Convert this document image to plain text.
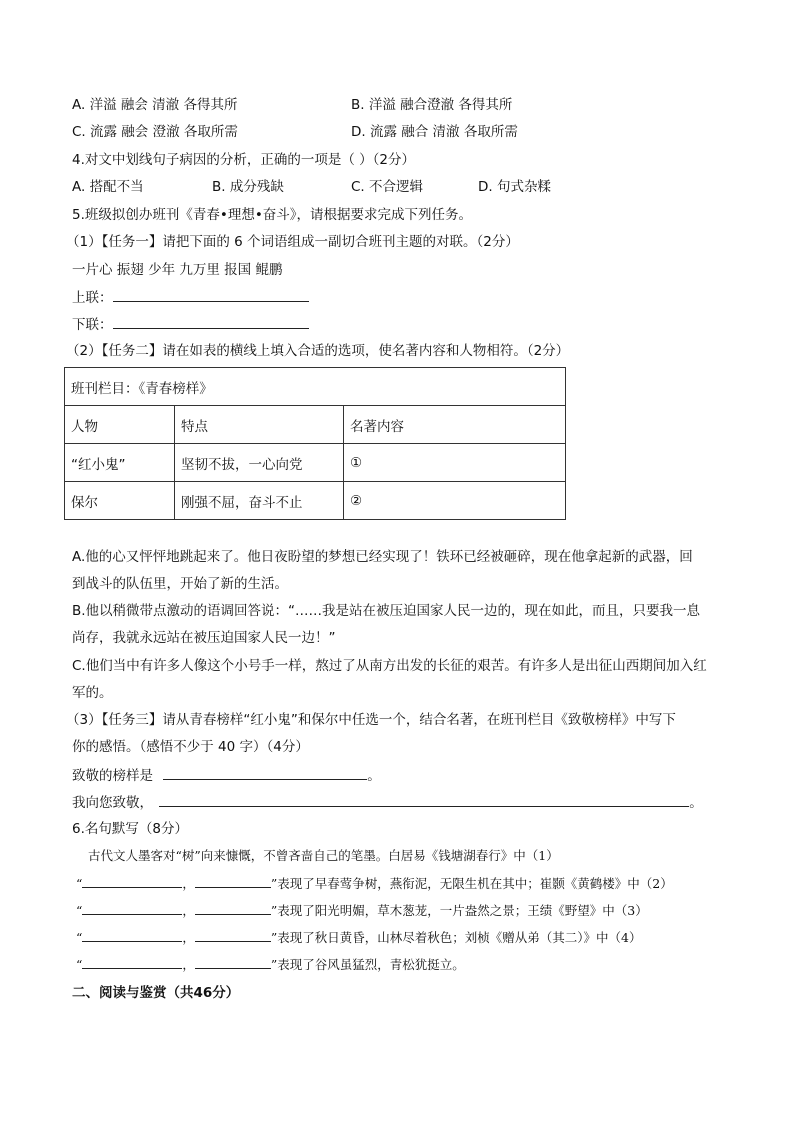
A. 洋溢 融会 清澈 各得其所	B. 洋溢 融合澄澈 各得其所
C. 流露 融会 澄澈 各取所需	D. 流露 融合 清澈 各取所需
4.对文中划线句子病因的分析，正确的一项是（ ）（2分）
A. 搭配不当	B. 成分残缺	C. 不合逻辑	D. 句式杂糅
5.班级拟创办班刊《青春•理想•奋斗》，请根据要求完成下列任务。
（1）【任务一】请把下面的 6 个词语组成一副切合班刊主题的对联。（2分）
一片心 振翅 少年 九万里 报国 鲲鹏
上联：
下联：
（2）【任务二】请在如表的横线上填入合适的选项，使名著内容和人物相符。（2分）
班刊栏目：《青春榜样》		
人物	特点	名著内容
“红小鬼”	坚韧不拔，一心向党	①
保尔	刚强不屈，奋斗不止	②
A.他的心又怦怦地跳起来了。他日夜盼望的梦想已经实现了！铁环已经被砸碎，现在他拿起新的武器，回
到战斗的队伍里，开始了新的生活。
B.他以稍微带点激动的语调回答说：“……我是站在被压迫国家人民一边的，现在如此，而且，只要我一息
尚存，我就永远站在被压迫国家人民一边！”
C.他们当中有许多人像这个小号手一样，熬过了从南方出发的长征的艰苦。有许多人是出征山西期间加入红
军的。
（3）【任务三】请从青春榜样“红小鬼”和保尔中任选一个，结合名著，在班刊栏目《致敬榜样》中写下
你的感悟。（感悟不少于 40 字）（4分）
致敬的榜样是	。
我向您致敬，	。
6.名句默写（8分）
古代文人墨客对“树”向来慷慨，不曾吝啬自己的笔墨。白居易《钱塘湖春行》中（1）
“	，	”表现了早春莺争树，燕衔泥，无限生机在其中；崔颢《黄鹤楼》中（2）
“	，	”表现了阳光明媚，草木葱茏，一片盎然之景；王绩《野望》中（3）
“	，	”表现了秋日黄昏，山林尽着秋色；刘桢《赠从弟（其二）》中（4）
“	，	”表现了谷风虽猛烈，青松犹挺立。
二、阅读与鉴赏（共46分）
